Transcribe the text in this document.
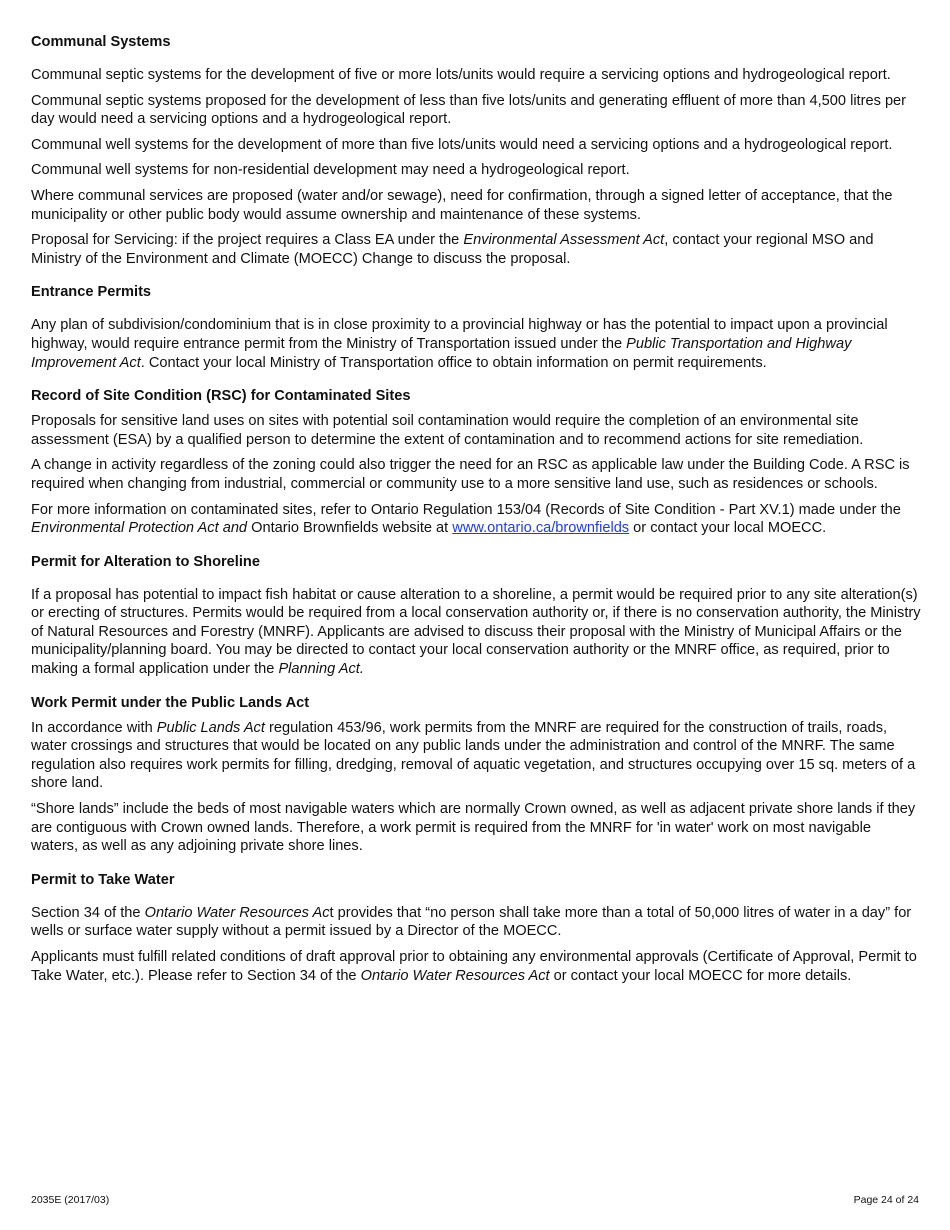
Communal Systems

Communal septic systems for the development of five or more lots/units would require a servicing options and hydrogeological report.

Communal septic systems proposed for the development of less than five lots/units and generating effluent of more than 4,500 litres per day would need a servicing options and a hydrogeological report.

Communal well systems for the development of more than five lots/units would need a servicing options and a hydrogeological report.

Communal well systems for non-residential development may need a hydrogeological report.

Where communal services are proposed (water and/or sewage), need for confirmation, through a signed letter of acceptance, that the municipality or other public body would assume ownership and maintenance of these systems.

Proposal for Servicing: if the project requires a Class EA under the Environmental Assessment Act, contact your regional MSO and Ministry of the Environment and Climate (MOECC) Change to discuss the proposal.

Entrance Permits

Any plan of subdivision/condominium that is in close proximity to a provincial highway or has the potential to impact upon a provincial highway, would require entrance permit from the Ministry of Transportation issued under the Public Transportation and Highway Improvement Act. Contact your local Ministry of Transportation office to obtain information on permit requirements.

Record of Site Condition (RSC) for Contaminated Sites

Proposals for sensitive land uses on sites with potential soil contamination would require the completion of an environmental site assessment (ESA) by a qualified person to determine the extent of contamination and to recommend actions for site remediation.

A change in activity regardless of the zoning could also trigger the need for an RSC as applicable law under the Building Code. A RSC is required when changing from industrial, commercial or community use to a more sensitive land use, such as residences or schools.

For more information on contaminated sites, refer to Ontario Regulation 153/04 (Records of Site Condition - Part XV.1) made under the Environmental Protection Act and Ontario Brownfields website at www.ontario.ca/brownfields or contact your local MOECC.

Permit for Alteration to Shoreline

If a proposal has potential to impact fish habitat or cause alteration to a shoreline, a permit would be required prior to any site alteration(s) or erecting of structures. Permits would be required from a local conservation authority or, if there is no conservation authority, the Ministry of Natural Resources and Forestry (MNRF). Applicants are advised to discuss their proposal with the Ministry of Municipal Affairs or the municipality/planning board. You may be directed to contact your local conservation authority or the MNRF office, as required, prior to making a formal application under the Planning Act.

Work Permit under the Public Lands Act

In accordance with Public Lands Act regulation 453/96, work permits from the MNRF are required for the construction of trails, roads, water crossings and structures that would be located on any public lands under the administration and control of the MNRF. The same regulation also requires work permits for filling, dredging, removal of aquatic vegetation, and structures occupying over 15 sq. meters of a shore land.

“Shore lands” include the beds of most navigable waters which are normally Crown owned, as well as adjacent private shore lands if they are contiguous with Crown owned lands. Therefore, a work permit is required from the MNRF for 'in water' work on most navigable waters, as well as any adjoining private shore lines.

Permit to Take Water

Section 34 of the Ontario Water Resources Act provides that “no person shall take more than a total of 50,000 litres of water in a day” for wells or surface water supply without a permit issued by a Director of the MOECC.

Applicants must fulfill related conditions of draft approval prior to obtaining any environmental approvals (Certificate of Approval, Permit to Take Water, etc.). Please refer to Section 34 of the Ontario Water Resources Act or contact your local MOECC for more details.

2035E (2017/03)	Page 24 of 24
